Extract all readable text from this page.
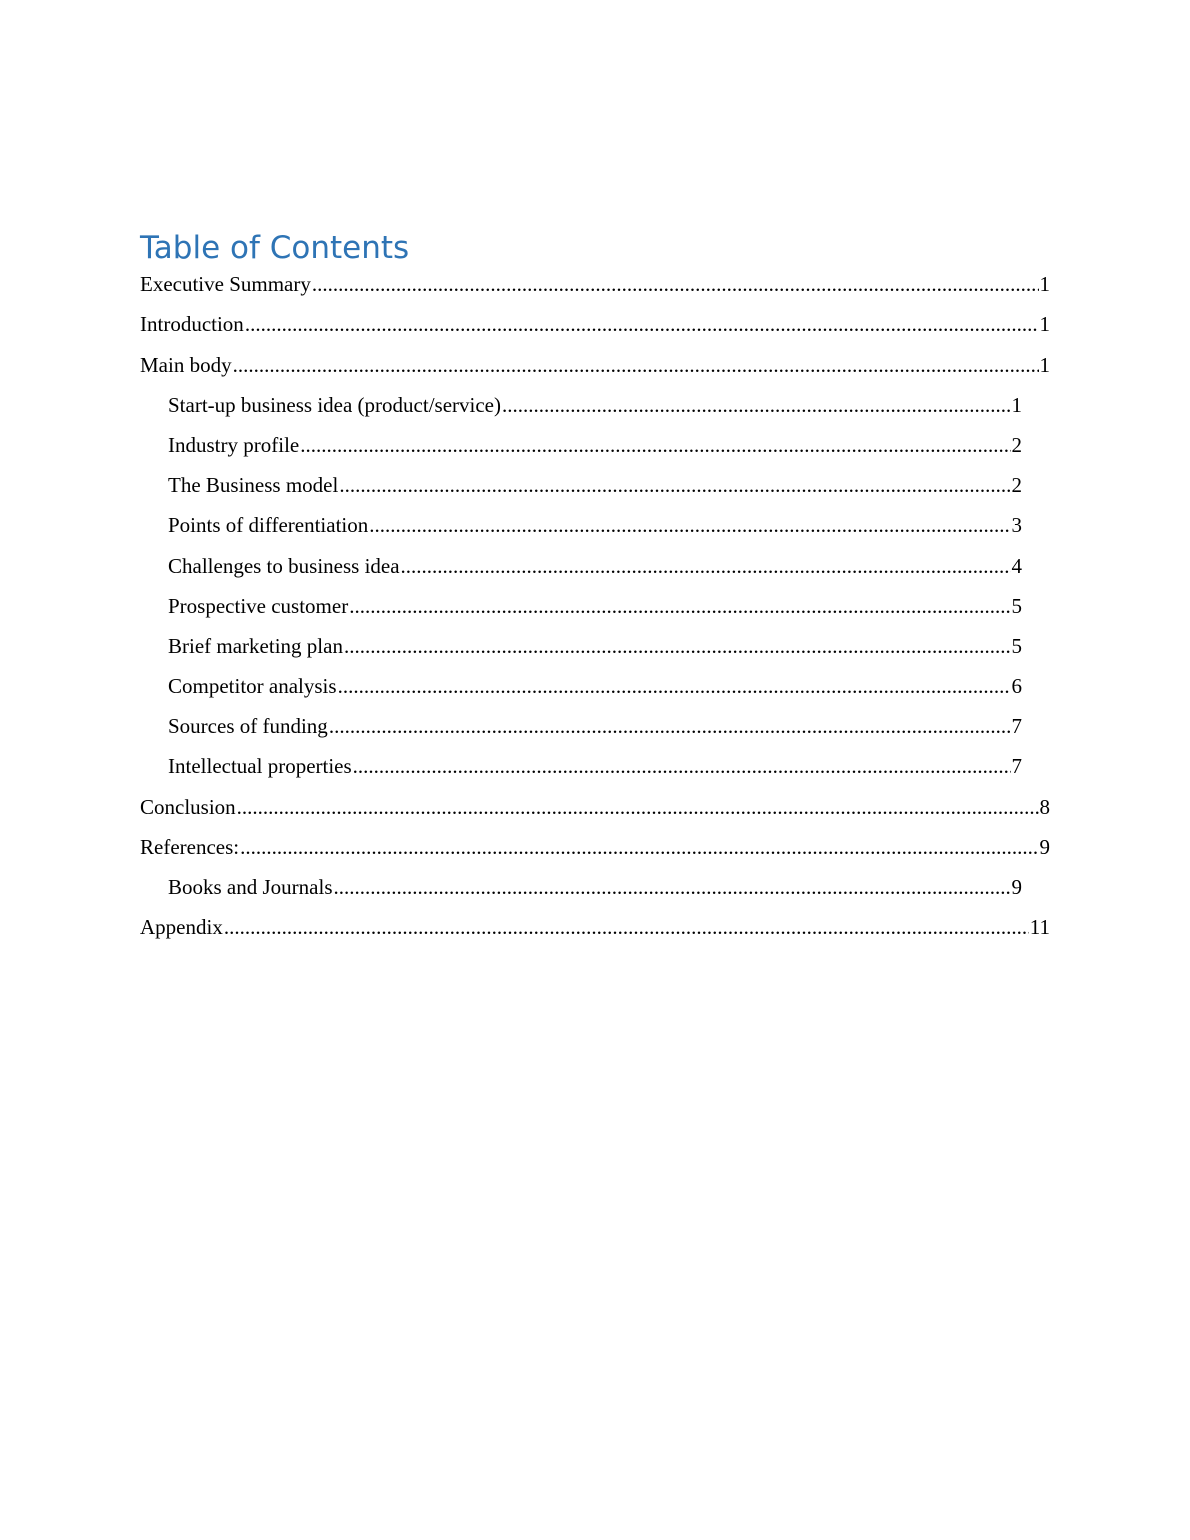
Table of Contents
Executive Summary .....	1
Introduction .....	1
Main body .....	1
Start-up business idea (product/service) .....	1
Industry profile .....	2
The Business model .....	2
Points of differentiation .....	3
Challenges to business idea .....	4
Prospective customer .....	5
Brief marketing plan .....	5
Competitor analysis .....	6
Sources of funding .....	7
Intellectual properties .....	7
Conclusion .....	8
References: .....	9
Books and Journals .....	9
Appendix .....	11
